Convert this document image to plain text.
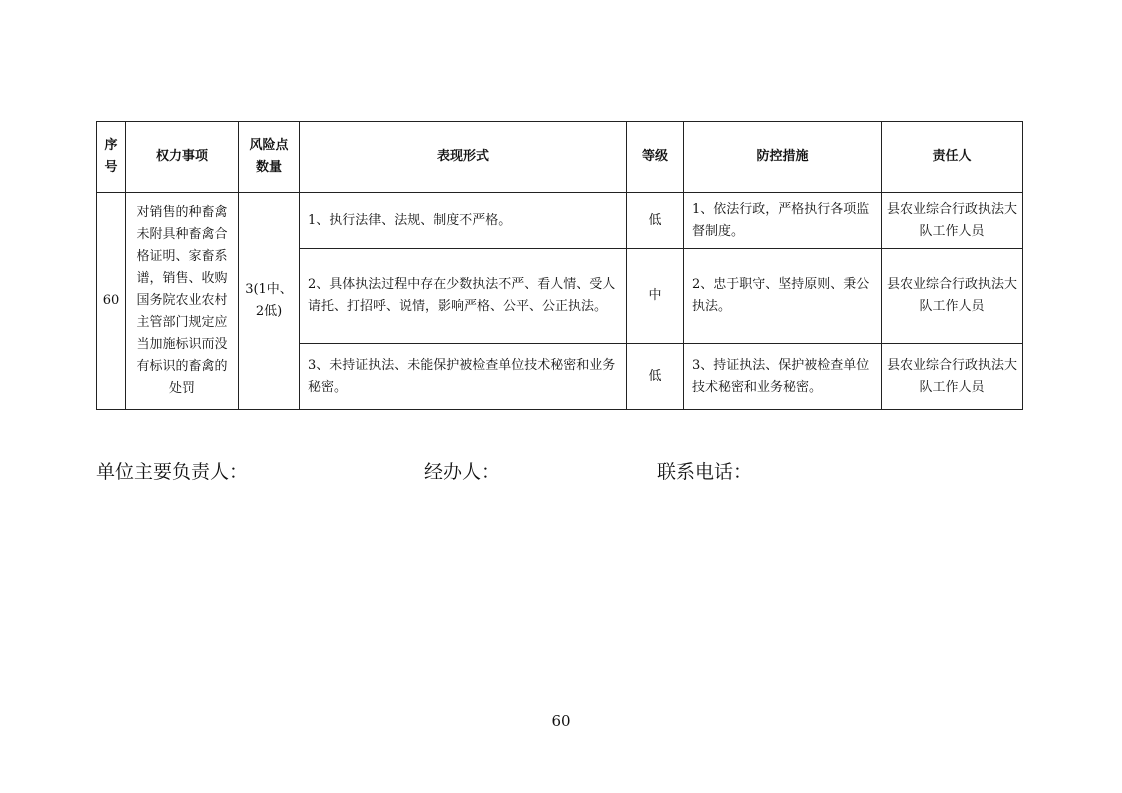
序号	权力事项	风险点数量	表现形式	等级	防控措施	责任人
60	对销售的种畜禽未附具种畜禽合格证明、家畜系谱，销售、收购国务院农业农村主管部门规定应当加施标识而没有标识的畜禽的处罚	3(1中、2低)	1、执行法律、法规、制度不严格。	低	1、依法行政，严格执行各项监督制度。	县农业综合行政执法大队工作人员
			2、具体执法过程中存在少数执法不严、看人情、受人请托、打招呼、说情，影响严格、公平、公正执法。	中	2、忠于职守、坚持原则、秉公执法。	县农业综合行政执法大队工作人员
			3、未持证执法、未能保护被检查单位技术秘密和业务秘密。	低	3、持证执法、保护被检查单位技术秘密和业务秘密。	县农业综合行政执法大队工作人员
单位主要负责人：	经办人：	联系电话：
60
